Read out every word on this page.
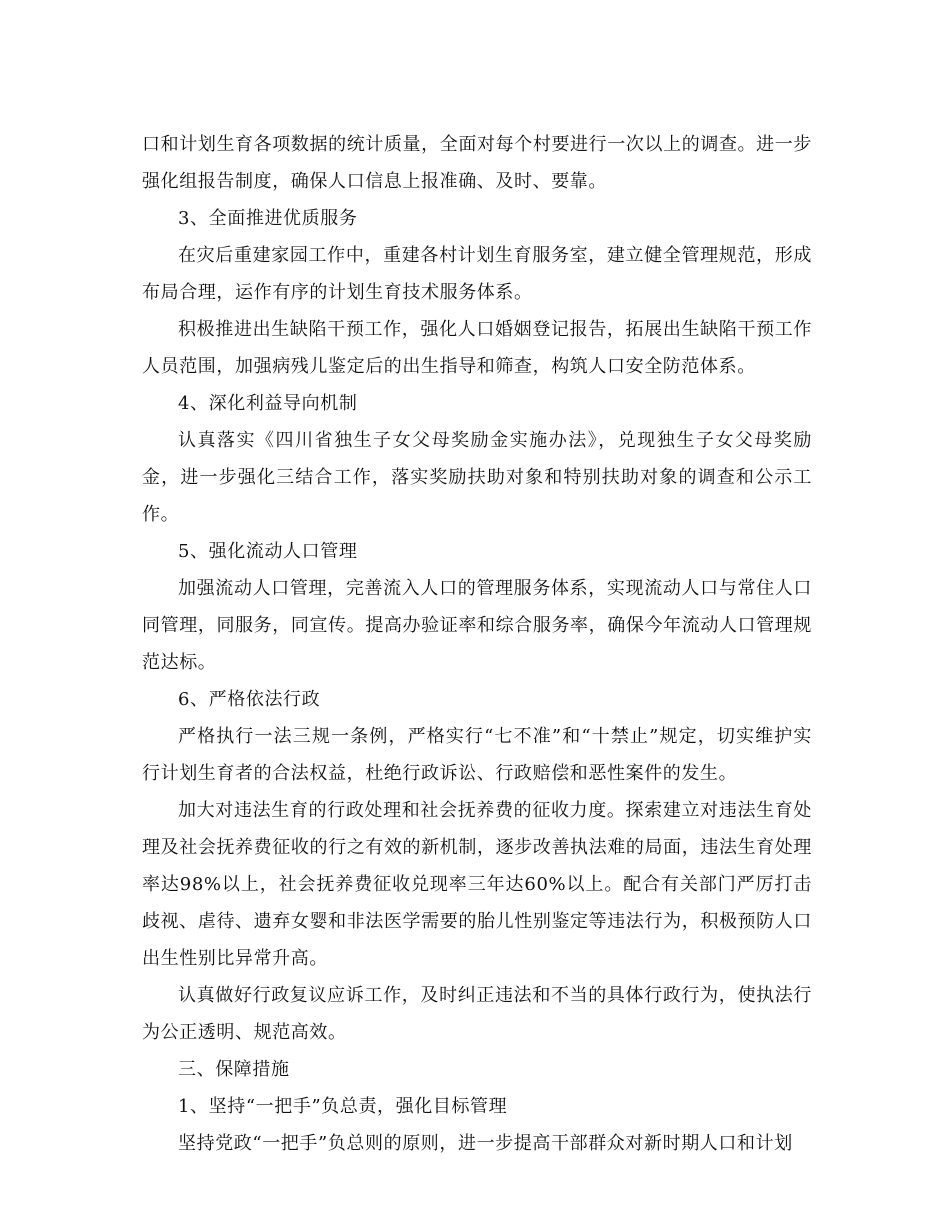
口和计划生育各项数据的统计质量，全面对每个村要进行一次以上的调查。进一步强化组报告制度，确保人口信息上报准确、及时、要靠。

3、全面推进优质服务

在灾后重建家园工作中，重建各村计划生育服务室，建立健全管理规范，形成布局合理，运作有序的计划生育技术服务体系。

积极推进出生缺陷干预工作，强化人口婚姻登记报告，拓展出生缺陷干预工作人员范围，加强病残儿鉴定后的出生指导和筛查，构筑人口安全防范体系。

4、深化利益导向机制

认真落实《四川省独生子女父母奖励金实施办法》，兑现独生子女父母奖励金，进一步强化三结合工作，落实奖励扶助对象和特别扶助对象的调查和公示工作。

5、强化流动人口管理

加强流动人口管理，完善流入人口的管理服务体系，实现流动人口与常住人口同管理，同服务，同宣传。提高办验证率和综合服务率，确保今年流动人口管理规范达标。

6、严格依法行政

严格执行一法三规一条例，严格实行“七不准”和“十禁止”规定，切实维护实行计划生育者的合法权益，杜绝行政诉讼、行政赔偿和恶性案件的发生。

加大对违法生育的行政处理和社会抚养费的征收力度。探索建立对违法生育处理及社会抚养费征收的行之有效的新机制，逐步改善执法难的局面，违法生育处理率达98%以上，社会抚养费征收兑现率三年达60%以上。配合有关部门严厉打击歧视、虐待、遗弃女婴和非法医学需要的胎儿性别鉴定等违法行为，积极预防人口出生性别比异常升高。

认真做好行政复议应诉工作，及时纠正违法和不当的具体行政行为，使执法行为公正透明、规范高效。

三、保障措施

1、坚持“一把手”负总责，强化目标管理

坚持党政“一把手”负总则的原则，进一步提高干部群众对新时期人口和计划
